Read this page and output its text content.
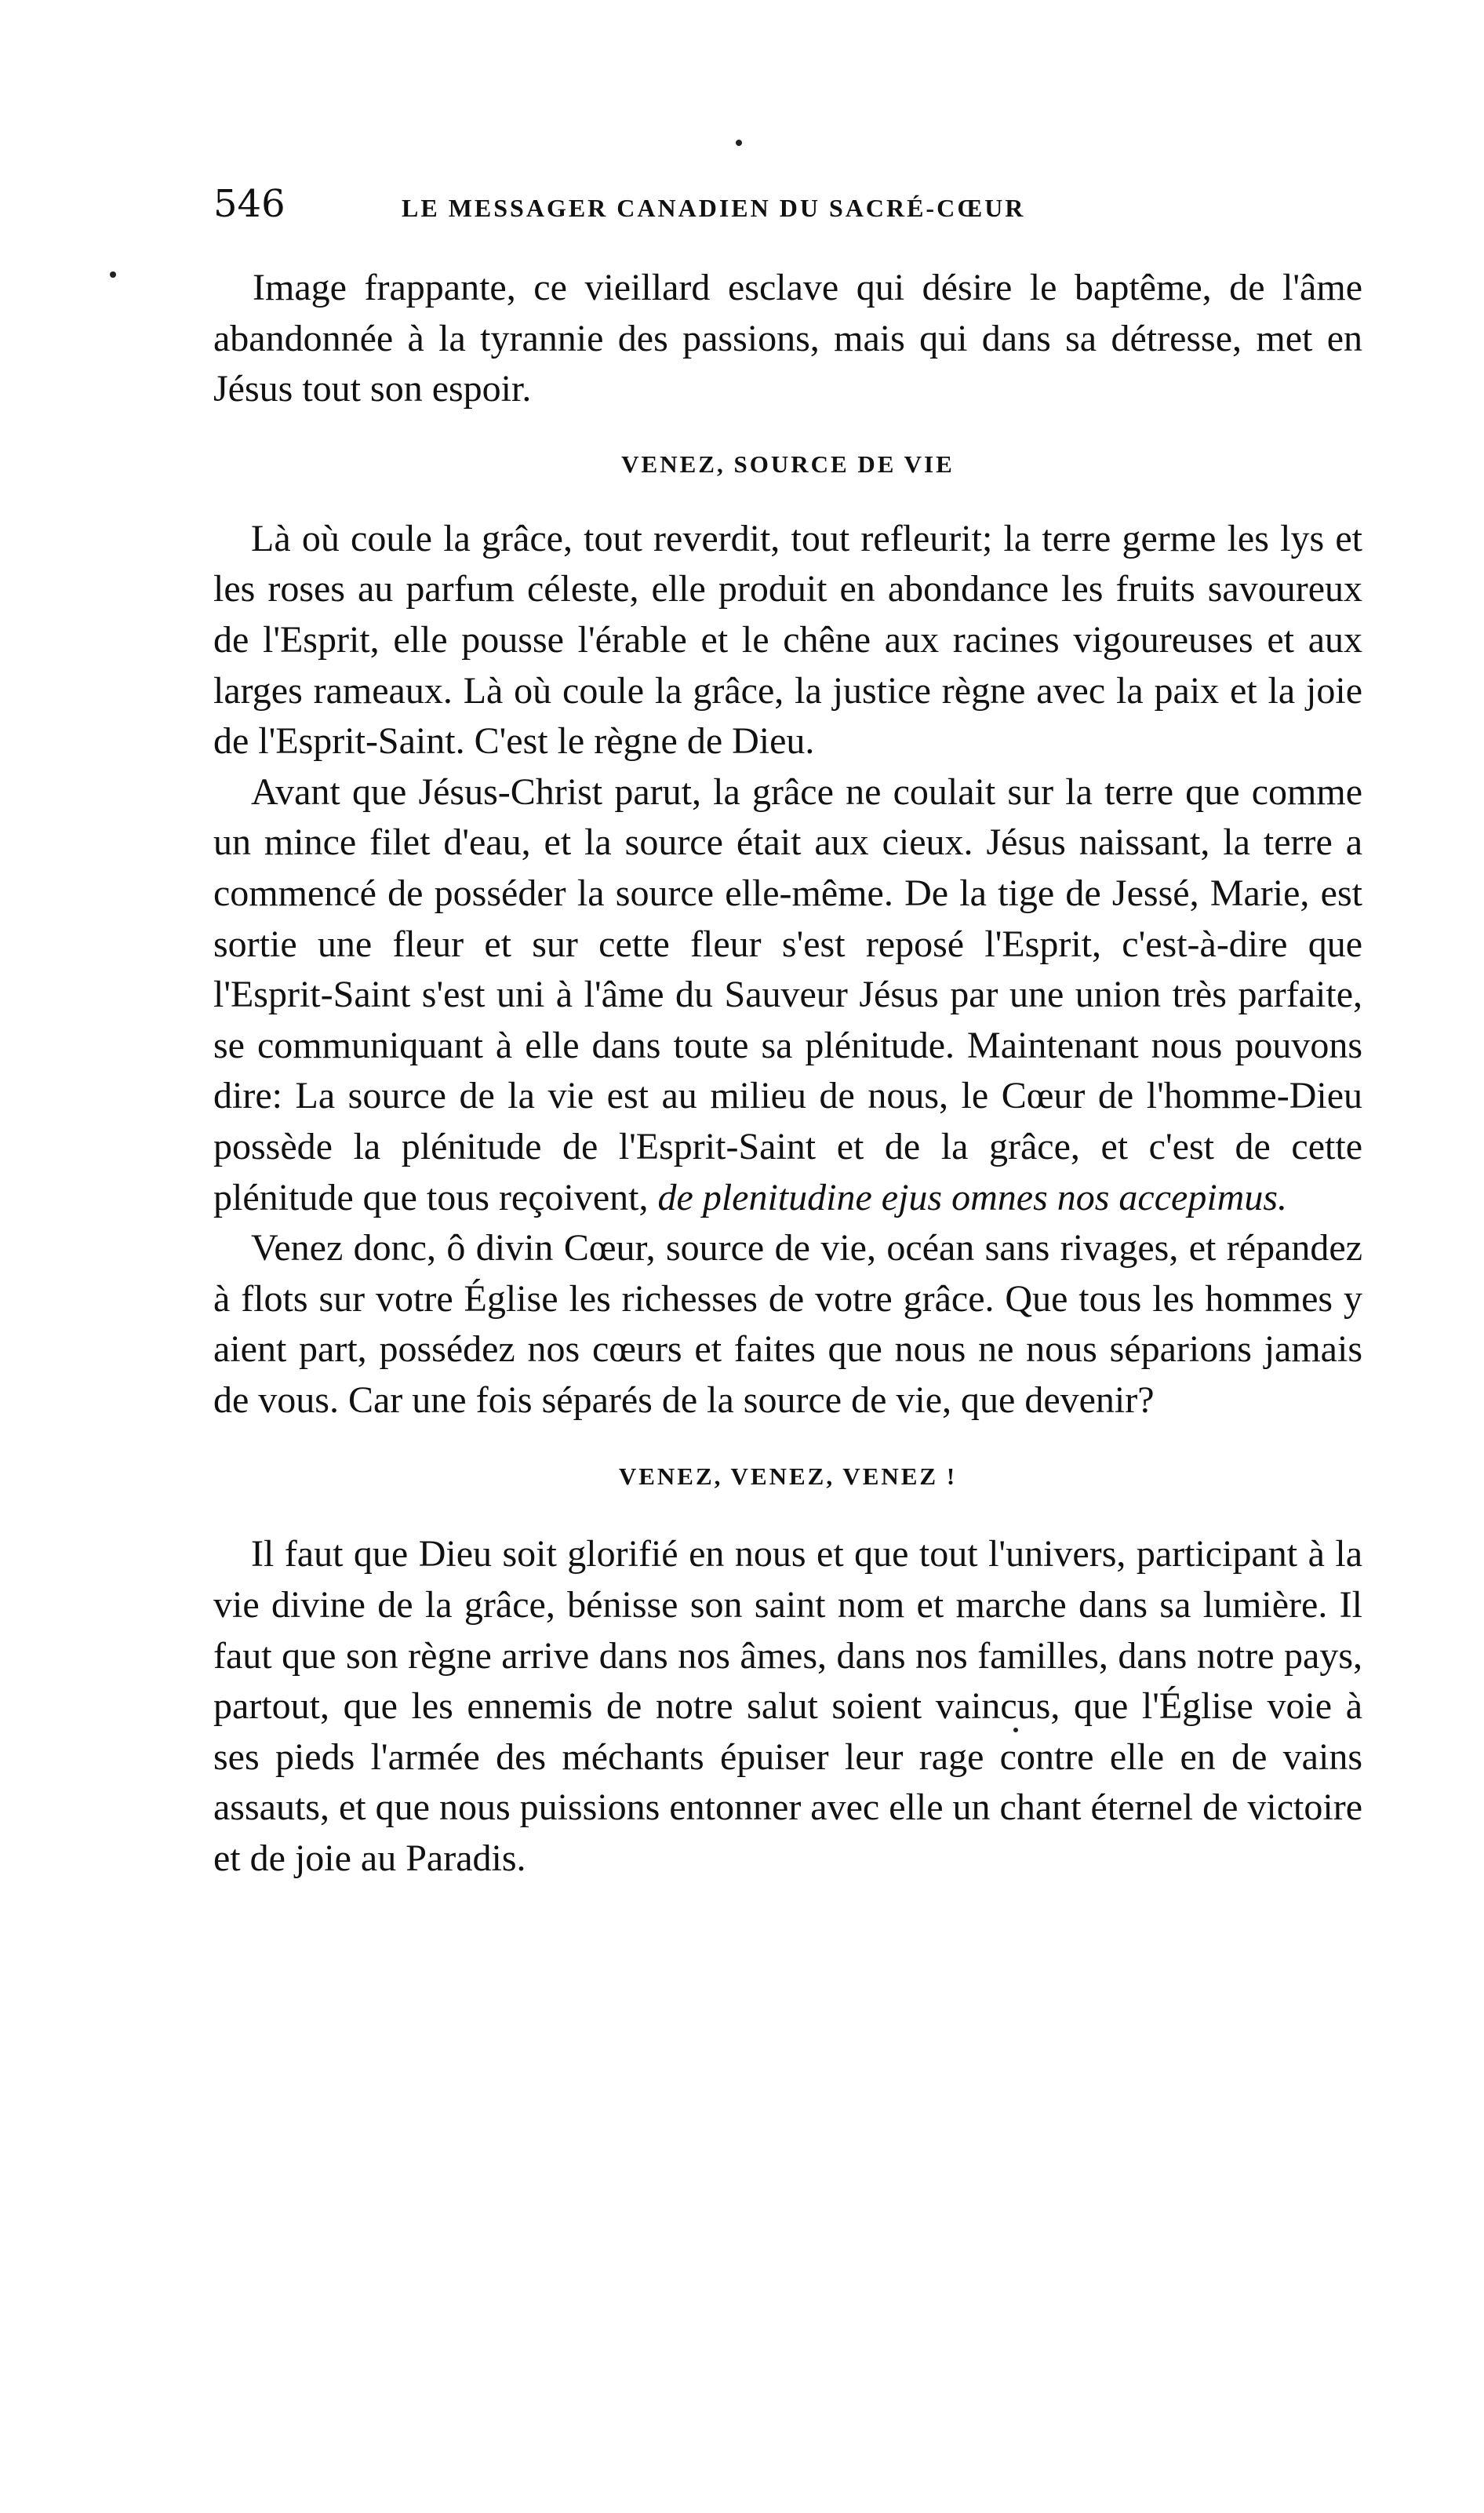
546	LE MESSAGER CANADIEN DU SACRÉ-CŒUR

Image frappante, ce vieillard esclave qui désire le baptême, de l'âme abandonnée à la tyrannie des passions, mais qui dans sa détresse, met en Jésus tout son espoir.

VENEZ, SOURCE DE VIE

Là où coule la grâce, tout reverdit, tout refleurit; la terre germe les lys et les roses au parfum céleste, elle produit en abondance les fruits savoureux de l'Esprit, elle pousse l'érable et le chêne aux racines vigoureuses et aux larges rameaux. Là où coule la grâce, la justice règne avec la paix et la joie de l'Esprit-Saint. C'est le règne de Dieu.

Avant que Jésus-Christ parut, la grâce ne coulait sur la terre que comme un mince filet d'eau, et la source était aux cieux. Jésus naissant, la terre a commencé de posséder la source elle-même. De la tige de Jessé, Marie, est sortie une fleur et sur cette fleur s'est reposé l'Esprit, c'est-à-dire que l'Esprit-Saint s'est uni à l'âme du Sauveur Jésus par une union très parfaite, se communiquant à elle dans toute sa plénitude. Maintenant nous pouvons dire: La source de la vie est au milieu de nous, le Cœur de l'homme-Dieu possède la plénitude de l'Esprit-Saint et de la grâce, et c'est de cette plénitude que tous reçoivent, de plenitudine ejus omnes nos accepimus.

Venez donc, ô divin Cœur, source de vie, océan sans rivages, et répandez à flots sur votre Église les richesses de votre grâce. Que tous les hommes y aient part, possédez nos cœurs et faites que nous ne nous séparions jamais de vous. Car une fois séparés de la source de vie, que devenir?

VENEZ, VENEZ, VENEZ !

Il faut que Dieu soit glorifié en nous et que tout l'univers, participant à la vie divine de la grâce, bénisse son saint nom et marche dans sa lumière. Il faut que son règne arrive dans nos âmes, dans nos familles, dans notre pays, partout, que les ennemis de notre salut soient vaincus, que l'Église voie à ses pieds l'armée des méchants épuiser leur rage contre elle en de vains assauts, et que nous puissions entonner avec elle un chant éternel de victoire et de joie au Paradis.
